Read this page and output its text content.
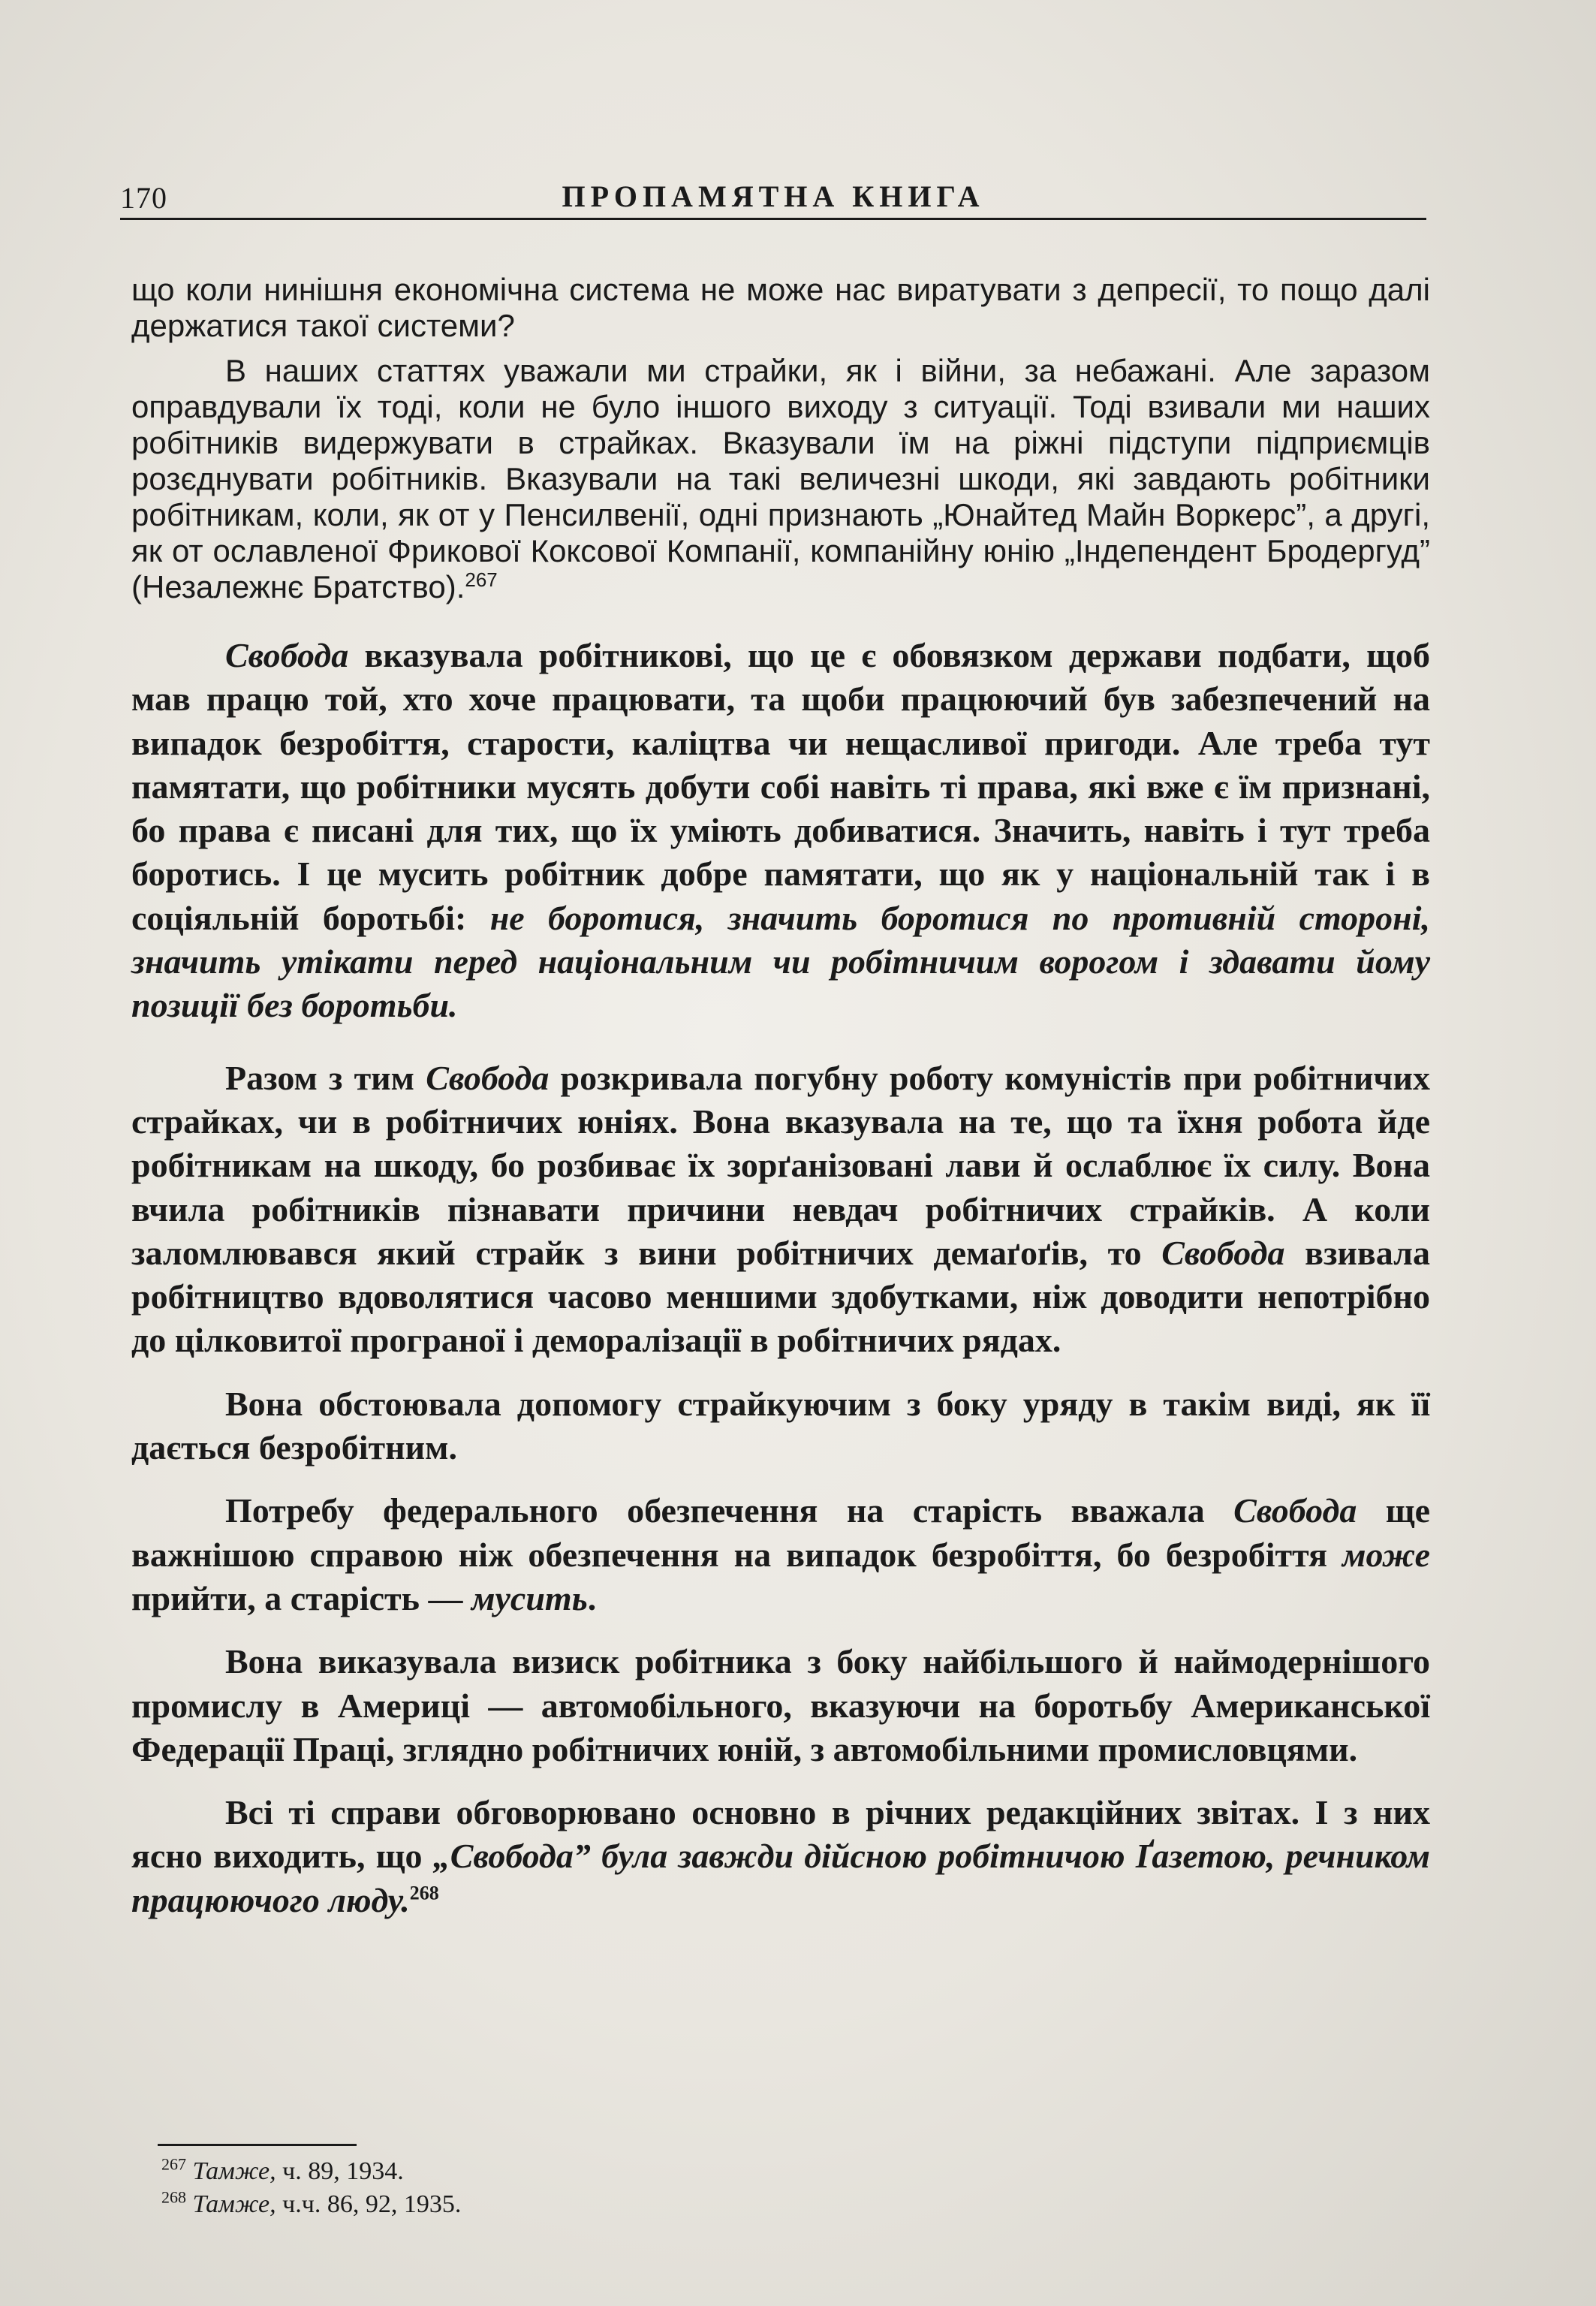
170	ПРОПАМЯТНА КНИГА

що коли нинішня економічна система не може нас виратувати з депресії, то пощо далі держатися такої системи?

В наших статтях уважали ми страйки, як і війни, за небажані. Але заразом оправдували їх тоді, коли не було іншого виходу з ситуації. Тоді взивали ми наших робітників видержувати в страйках. Вказували їм на ріжні підступи підприємців розєднувати робітників. Вказували на такі величезні шкоди, які завдають робітники робітникам, коли, як от у Пенсилвенії, одні признають „Юнайтед Майн Воркерс”, а другі, як от ославленої Фрикової Коксової Компанії, компанійну юнію „Індепендент Бродергуд” (Незалежнє Братство).$^{267}$

Свобода вказувала робітникові, що це є обовязком держави подбати, щоб мав працю той, хто хоче працювати, та щоби працюючий був забезпечений на випадок безробіття, старости, каліцтва чи нещасливої пригоди. Але треба тут памятати, що робітники мусять добути собі навіть ті права, які вже є їм признані, бо права є писані для тих, що їх уміють добиватися. Значить, навіть і тут треба боротись. І це мусить робітник добре памятати, що як у національній так і в соціяльній боротьбі: не боротися, значить боротися по противній стороні, значить утікати перед національним чи робітничим ворогом і здавати йому позиції без боротьби.

Разом з тим Свобода розкривала погубну роботу комуністів при робітничих страйках, чи в робітничих юніях. Вона вказувала на те, що та їхня робота йде робітникам на шкоду, бо розбиває їх зорґанізовані лави й ослаблює їх силу. Вона вчила робітників пізнавати причини невдач робітничих страйків. А коли заломлювався який страйк з вини робітничих демаґоґів, то Свобода взивала робітництво вдоволятися часово меншими здобутками, ніж доводити непотрібно до цілковитої програної і деморалізації в робітничих рядах.

Вона обстоювала допомогу страйкуючим з боку уряду в такім виді, як її дається безробітним.

Потребу федерального обезпечення на старість вважала Свобода ще важнішою справою ніж обезпечення на випадок безробіття, бо безробіття може прийти, а старість — мусить.

Вона виказувала визиск робітника з боку найбільшого й наймодернішого промислу в Америці — автомобільного, вказуючи на боротьбу Американської Федерації Праці, зглядно робітничих юній, з автомобільними промисловцями.

Всі ті справи обговорювано основно в річних редакційних звітах. І з них ясно виходить, що „Свобода” була завжди дійсною робітничою Ґазетою, речником працюючого люду.$^{268}$

$^{267}$ Тамже, ч. 89, 1934.
$^{268}$ Тамже, ч.ч. 86, 92, 1935.
